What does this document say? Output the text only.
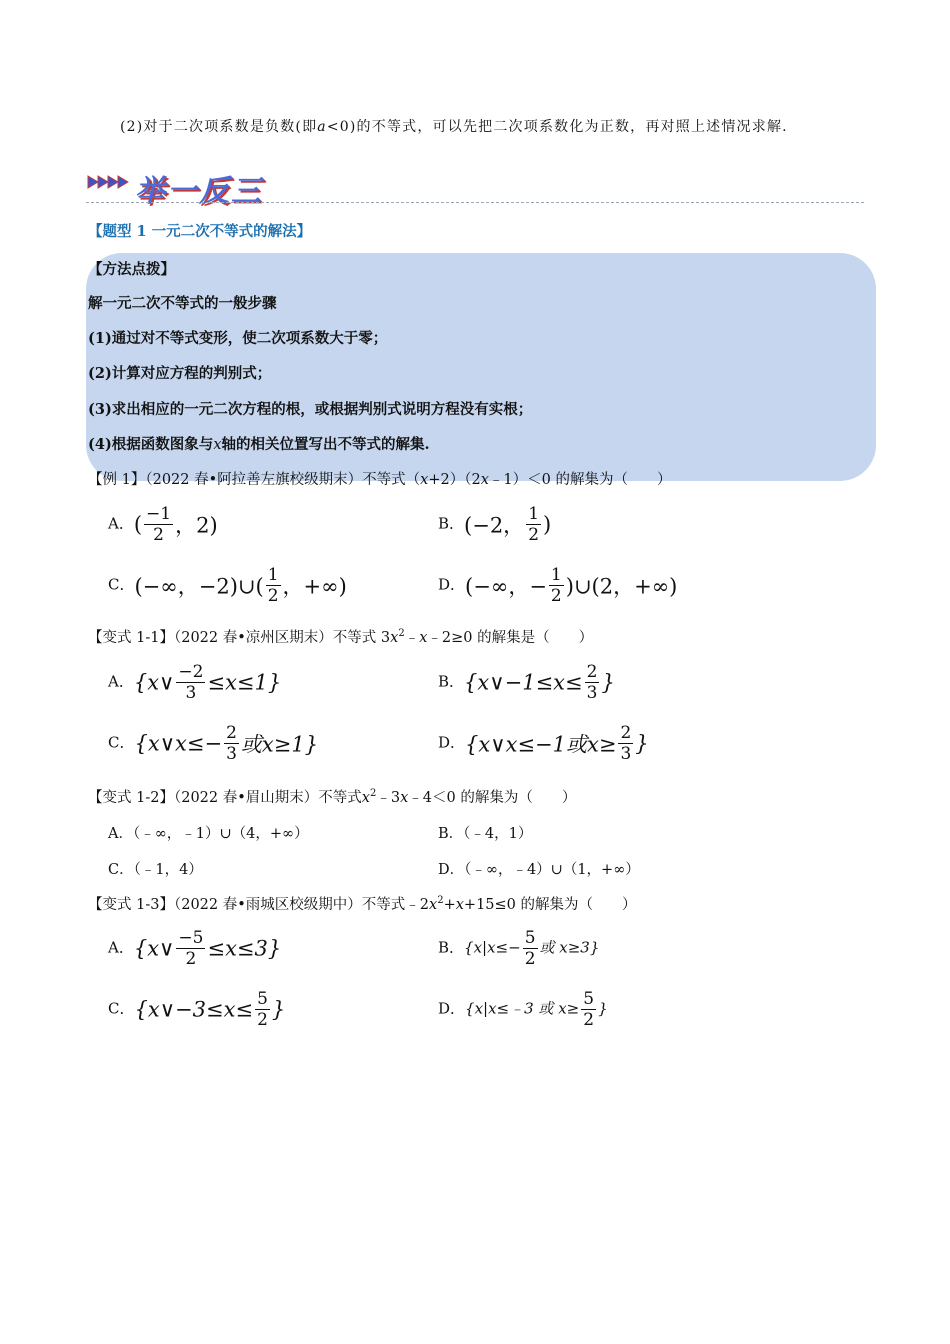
(2)对于二次项系数是负数(即a<0)的不等式，可以先把二次项系数化为正数，再对照上述情况求解.
举一反三
【题型 1 一元二次不等式的解法】
【方法点拨】
解一元二次不等式的一般步骤
(1)通过对不等式变形，使二次项系数大于零；
(2)计算对应方程的判别式；
(3)求出相应的一元二次方程的根，或根据判别式说明方程没有实根；
(4)根据函数图象与x轴的相关位置写出不等式的解集.
【例 1】（2022 春•阿拉善左旗校级期末）不等式（x+2）（2x﹣1）＜0 的解集为（　　）
A．( $\frac{-1}{2}$ ，2)	B．(−2， $\frac{1}{2}$ )
C．(−∞，−2)∪( $\frac{1}{2}$ ，+∞)	D．(−∞，− $\frac{1}{2}$ )∪(2，+∞)
【变式 1-1】（2022 春•凉州区期末）不等式 $3x^2﹣x﹣2\ge 0$ 的解集是（　　）
A．{x∨ $\frac{-2}{3} \le x\le 1$}	B．{x∨−1≤x≤ $\frac{2}{3}$ }
C．{x∨x≤− $\frac{2}{3}$ 或x≥1}	D．{x∨x≤−1或$x\ge \frac{2}{3}$ }
【变式 1-2】（2022 春•眉山期末）不等式$x^2﹣3x﹣4<0$ 的解集为（　　）
A．（﹣∞，﹣1）∪（4，+∞）	B．（﹣4，1）
C．（﹣1，4）	D．（﹣∞，﹣4）∪（1，+∞）
【变式 1-3】（2022 春•雨城区校级期中）不等式$﹣2x^2+x+15\le 0$ 的解集为（　　）
A．{x∨ $\frac{-5}{2} \le x\le 3$}	B．{$x|x\le- \frac{5}{2}$ 或 x≥3}
C．{x∨−3≤x≤ $\frac{5}{2}$ }	D．{x|x≤﹣3 或 $x\ge \frac{5}{2}$ }
